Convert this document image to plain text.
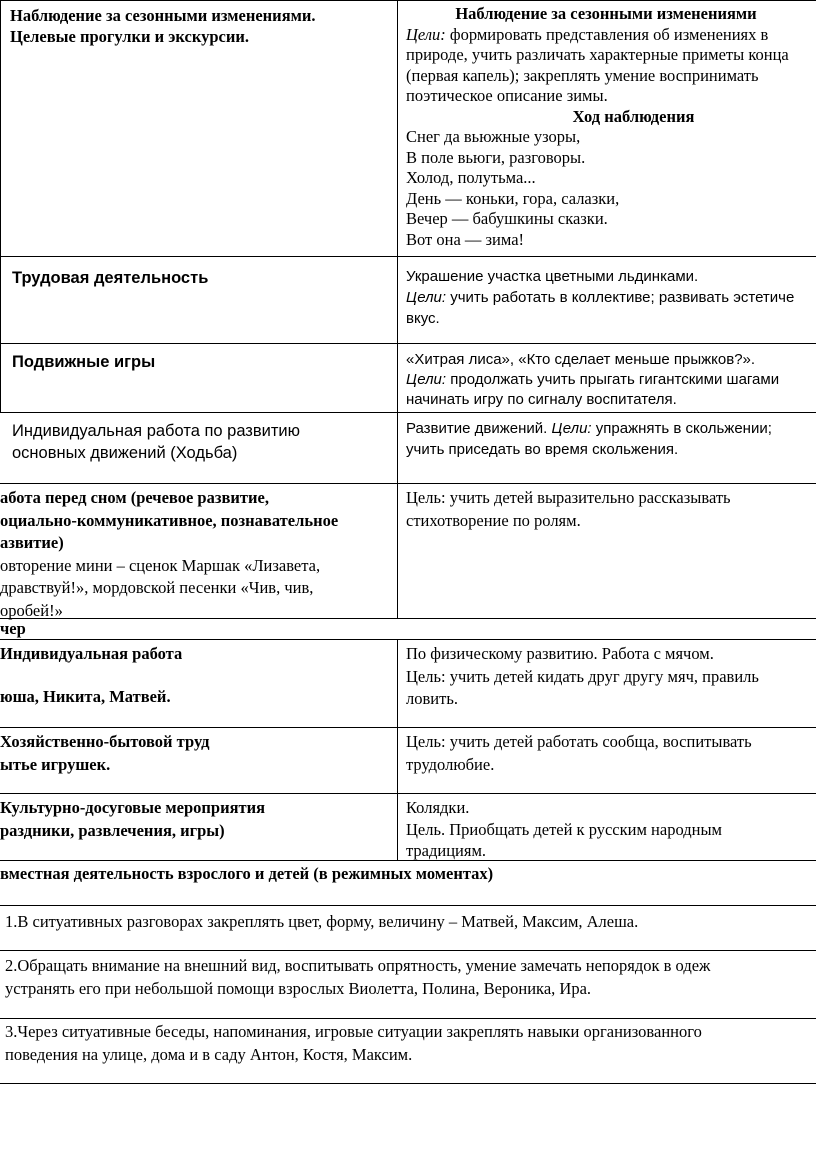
Наблюдение за сезонными изменениями.
Целевые прогулки и экскурсии.
Наблюдение за сезонными изменениями
Цели: формировать представления об изменениях в
природе, учить различать характерные приметы конца
(первая капель); закреплять умение воспринимать
поэтическое описание зимы.
Ход наблюдения
Снег да вьюжные узоры,
В поле вьюги, разговоры.
Холод, полутьма...
День — коньки, гора, салазки,
Вечер — бабушкины сказки.
Вот она — зима!
Трудовая деятельность	Украшение участка цветными льдинками.
Цели: учить работать в коллективе; развивать эстетиче
вкус.
Подвижные игры	«Хитрая лиса», «Кто сделает меньше прыжков?».
Цели: продолжать учить прыгать гигантскими шагами
начинать игру по сигналу воспитателя.
Индивидуальная работа по развитию
основных движений (Ходьба)
Развитие движений. Цели: упражнять в скольжении;
учить приседать во время скольжения.
абота перед сном (речевое развитие,
оциально-коммуникативное, познавательное
азвитие)
овторение мини – сценок Маршак «Лизавета,
дравствуй!», мордовской песенки «Чив, чив,
оробей!»
Цель: учить детей выразительно рассказывать
стихотворение по ролям.
чер
Индивидуальная работа
юша, Никита, Матвей.
По физическому развитию. Работа с мячом.
Цель: учить детей кидать друг другу мяч, правиль
ловить.
Хозяйственно-бытовой труд
ытье игрушек.
Цель: учить детей работать сообща, воспитывать
трудолюбие.
Культурно-досуговые мероприятия
раздники, развлечения, игры)
Колядки.
Цель. Приобщать детей к русским народным
традициям.
вместная деятельность взрослого и детей (в режимных моментах)
1.В ситуативных разговорах закреплять цвет, форму, величину – Матвей, Максим, Алеша.
2.Обращать внимание на внешний вид, воспитывать опрятность, умение замечать непорядок в одеж
устранять его при небольшой помощи взрослых Виолетта, Полина, Вероника, Ира.
3.Через ситуативные беседы, напоминания, игровые ситуации закреплять навыки организованного
поведения на улице, дома и в саду Антон, Костя, Максим.
